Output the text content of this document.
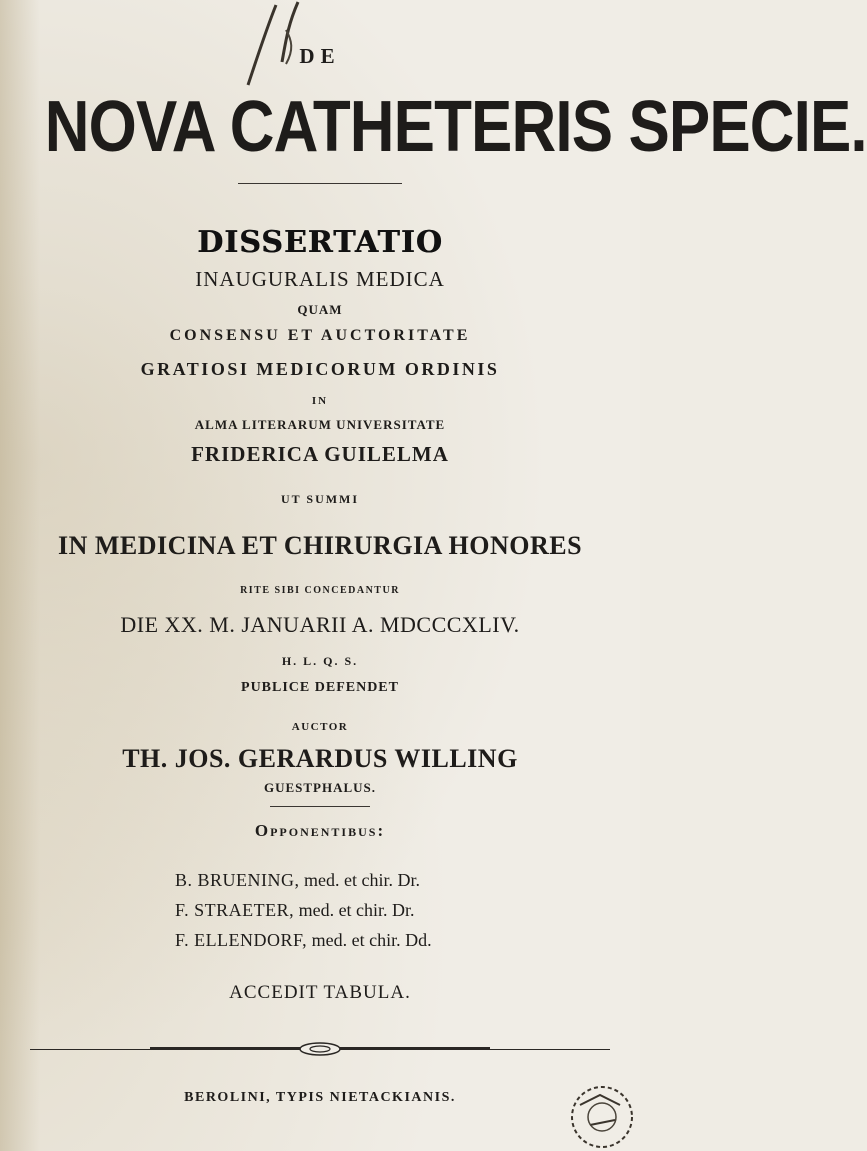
DE
NOVA CATHETERIS SPECIE.
DISSERTATIO
INAUGURALIS MEDICA
QUAM
CONSENSU ET AUCTORITATE
GRATIOSI MEDICORUM ORDINIS
IN
ALMA LITERARUM UNIVERSITATE
FRIDERICA GUILELMA
UT SUMMI
IN MEDICINA ET CHIRURGIA HONORES
RITE SIBI CONCEDANTUR
DIE XX. M. JANUARII A. MDCCCXLIV.
H. L. Q. S.
PUBLICE DEFENDET
AUCTOR
TH. JOS. GERARDUS WILLING
GUESTPHALUS.
Opponentibus:
B. BRUENING, med. et chir. Dr.
F. STRAETER, med. et chir. Dr.
F. ELLENDORF, med. et chir. Dd.
ACCEDIT TABULA.
BEROLINI, TYPIS NIETACKIANIS.
